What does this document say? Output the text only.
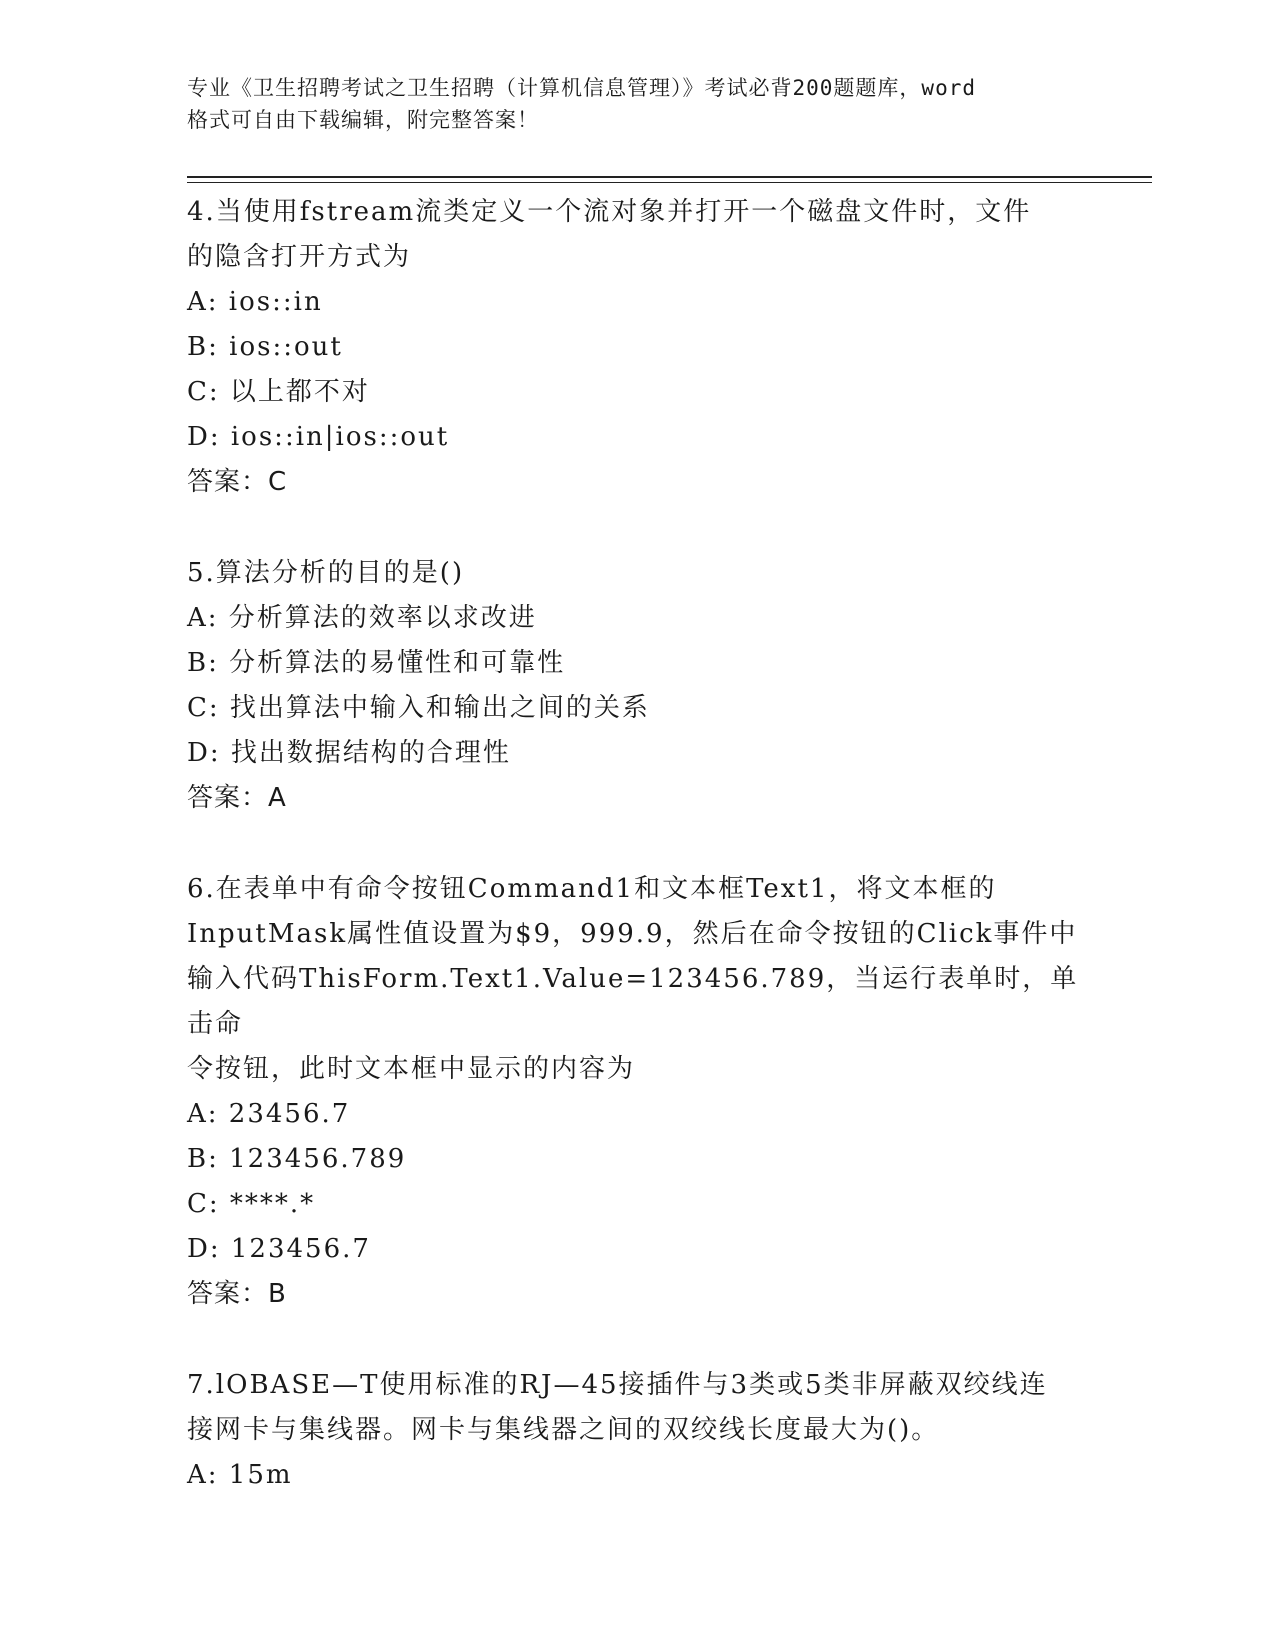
专业《卫生招聘考试之卫生招聘（计算机信息管理）》考试必背200题题库，word
格式可自由下载编辑，附完整答案！
4.当使用fstream流类定义一个流对象并打开一个磁盘文件时，文件
的隐含打开方式为
A: ios::in
B: ios::out
C: 以上都不对
D: ios::in|ios::out
答案：C
5.算法分析的目的是()
A: 分析算法的效率以求改进
B: 分析算法的易懂性和可靠性
C: 找出算法中输入和输出之间的关系
D: 找出数据结构的合理性
答案：A
6.在表单中有命令按钮Command1和文本框Text1，将文本框的
InputMask属性值设置为$9，999.9，然后在命令按钮的Click事件中
输入代码ThisForm.Text1.Value=123456.789，当运行表单时，单击命
令按钮，此时文本框中显示的内容为
A: 23456.7
B: 123456.789
C: ****.*
D: 123456.7
答案：B
7.lOBASE—T使用标准的RJ—45接插件与3类或5类非屏蔽双绞线连
接网卡与集线器。网卡与集线器之间的双绞线长度最大为()。
A: 15m
